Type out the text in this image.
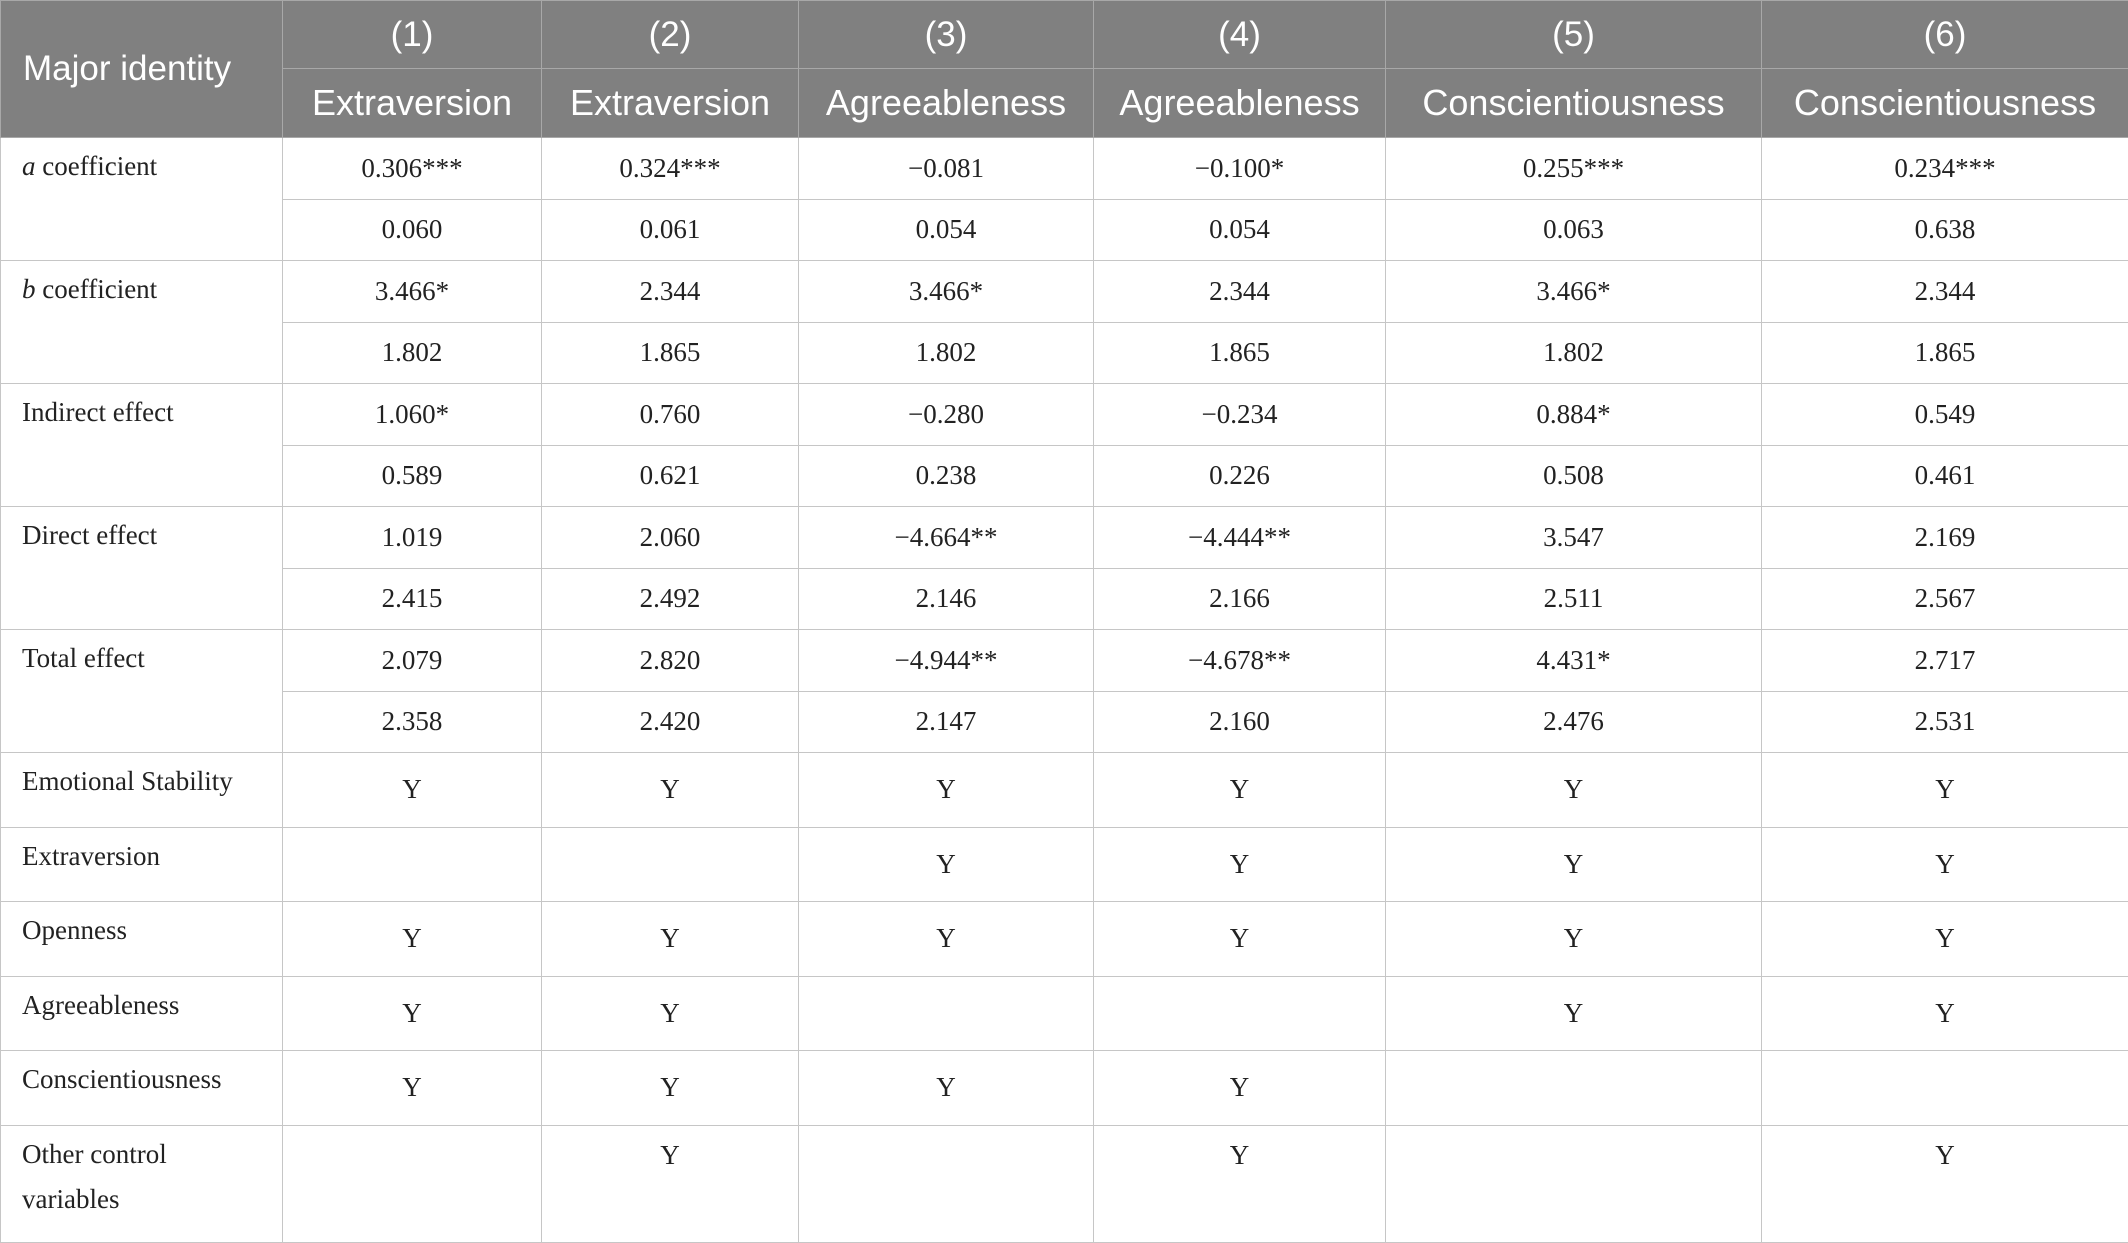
Major identity	(1)	(2)	(3)	(4)	(5)	(6)
	Extraversion	Extraversion	Agreeableness	Agreeableness	Conscientiousness	Conscientiousness
a coefficient	0.306***	0.324***	−0.081	−0.100*	0.255***	0.234***
	0.060	0.061	0.054	0.054	0.063	0.638
b coefficient	3.466*	2.344	3.466*	2.344	3.466*	2.344
	1.802	1.865	1.802	1.865	1.802	1.865
Indirect effect	1.060*	0.760	−0.280	−0.234	0.884*	0.549
	0.589	0.621	0.238	0.226	0.508	0.461
Direct effect	1.019	2.060	−4.664**	−4.444**	3.547	2.169
	2.415	2.492	2.146	2.166	2.511	2.567
Total effect	2.079	2.820	−4.944**	−4.678**	4.431*	2.717
	2.358	2.420	2.147	2.160	2.476	2.531
Emotional Stability	Y	Y	Y	Y	Y	Y
Extraversion			Y	Y	Y	Y
Openness	Y	Y	Y	Y	Y	Y
Agreeableness	Y	Y			Y	Y
Conscientiousness	Y	Y	Y	Y		

Other control
variables		Y		Y		Y
